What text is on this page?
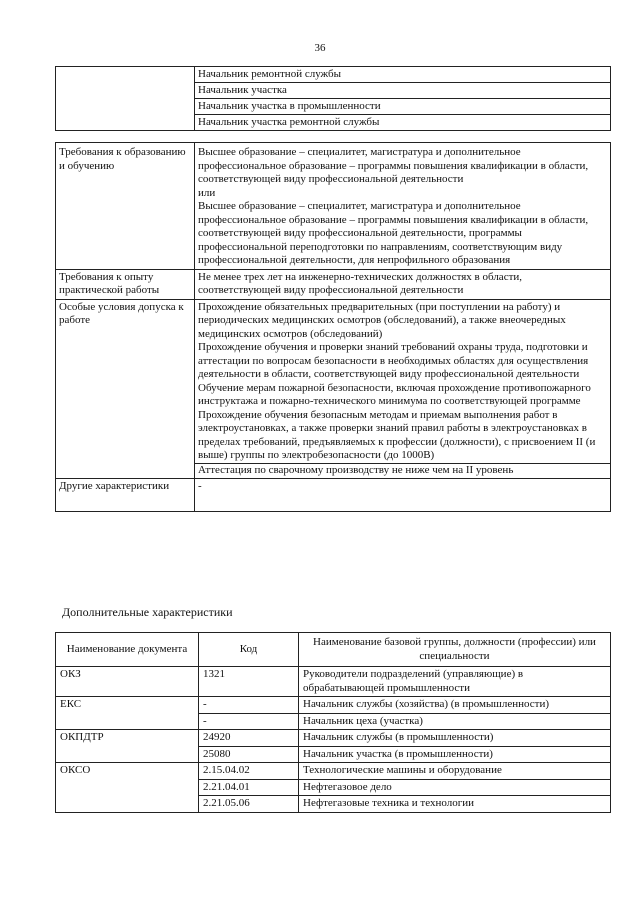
36

Начальник ремонтной службы
Начальник участка
Начальник участка в промышленности
Начальник участка ремонтной службы
Требования к образованию и обучению	Высшее образование – специалитет, магистратура и дополнительное профессиональное образование – программы повышения квалификации в области, соответствующей виду профессиональной деятельности
или
Высшее образование – специалитет, магистратура и дополнительное профессиональное образование – программы повышения квалификации в области, соответствующей виду профессиональной деятельности, программы профессиональной переподготовки по направлениям, соответствующим виду профессиональной деятельности, для непрофильного образования

Требования к опыту практической работы	Не менее трех лет на инженерно-технических должностях в области, соответствующей виду профессиональной деятельности

Особые условия допуска к работе	Прохождение обязательных предварительных (при поступлении на работу) и периодических медицинских осмотров (обследований), а также внеочередных медицинских осмотров (обследований)
Прохождение обучения и проверки знаний требований охраны труда, подготовки и аттестации по вопросам безопасности в необходимых областях для осуществления деятельности в области, соответствующей виду профессиональной деятельности
Обучение мерам пожарной безопасности, включая прохождение противопожарного инструктажа и пожарно-технического минимума по соответствующей программе
Прохождение обучения безопасным методам и приемам выполнения работ в электроустановках, а также проверки знаний правил работы в электроустановках в пределах требований, предъявляемых к профессии (должности), с присвоением II (и выше) группы по электробезопасности (до 1000В)
Аттестация по сварочному производству не ниже чем на II уровень

Другие характеристики	-
Дополнительные характеристики
Наименование документа	Код	Наименование базовой группы, должности (профессии) или специальности
ОКЗ	1321	Руководители подразделений (управляющие) в обрабатывающей промышленности
ЕКС	-	Начальник службы (хозяйства) (в промышленности)
	-	Начальник цеха (участка)
ОКПДТР	24920	Начальник службы (в промышленности)
	25080	Начальник участка (в промышленности)
ОКСО	2.15.04.02	Технологические машины и оборудование
	2.21.04.01	Нефтегазовое дело
	2.21.05.06	Нефтегазовые техника и технологии
